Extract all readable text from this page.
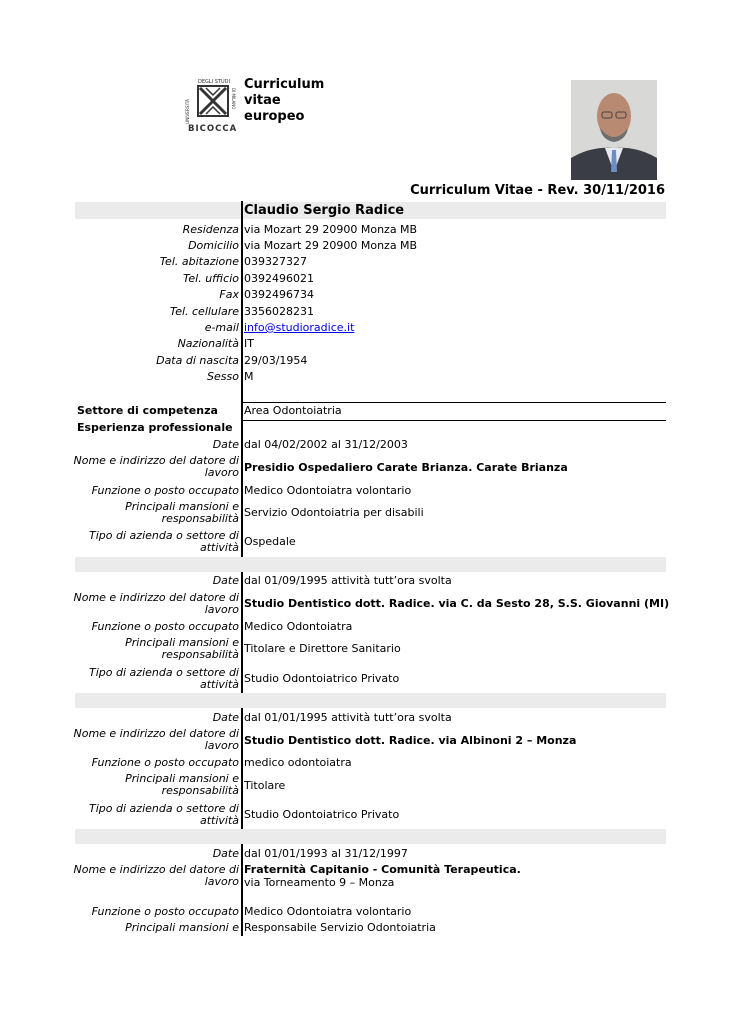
UNIVERSITÀ
DEGLI STUDI
DI MILANO
BICOCCA
Curriculum
vitae
europeo
Curriculum Vitae - Rev. 30/11/2016
Claudio Sergio Radice
Residenza via Mozart 29 20900 Monza MB
Domicilio via Mozart 29 20900 Monza MB
Tel. abitazione 039327327
Tel. ufficio 0392496021
Fax 0392496734
Tel. cellulare 3356028231
e-mail info@studioradice.it
Nazionalità IT
Data di nascita 29/03/1954
Sesso M
Settore di competenza Area Odontoiatria
Esperienza professionale
Date dal 04/02/2002 al 31/12/2003
Nome e indirizzo del datore di
lavoro Presidio Ospedaliero Carate Brianza. Carate Brianza
Funzione o posto occupato Medico Odontoiatra volontario
Principali mansioni e
responsabilità Servizio Odontoiatria per disabili
Tipo di azienda o settore di
attività Ospedale
Date dal 01/09/1995 attività tutt’ora svolta
Nome e indirizzo del datore di
lavoro Studio Dentistico dott. Radice. via C. da Sesto 28, S.S. Giovanni (MI)
Funzione o posto occupato Medico Odontoiatra
Principali mansioni e
responsabilità Titolare e Direttore Sanitario
Tipo di azienda o settore di
attività Studio Odontoiatrico Privato
Date dal 01/01/1995 attività tutt’ora svolta
Nome e indirizzo del datore di
lavoro Studio Dentistico dott. Radice. via Albinoni 2 – Monza
Funzione o posto occupato medico odontoiatra
Principali mansioni e
responsabilità Titolare
Tipo di azienda o settore di
attività Studio Odontoiatrico Privato
Date dal 01/01/1993 al 31/12/1997
Nome e indirizzo del datore di
lavoro
Fraternità Capitanio - Comunità Terapeutica.
via Torneamento 9 – Monza
Funzione o posto occupato Medico Odontoiatra volontario
Principali mansioni e Responsabile Servizio Odontoiatria
